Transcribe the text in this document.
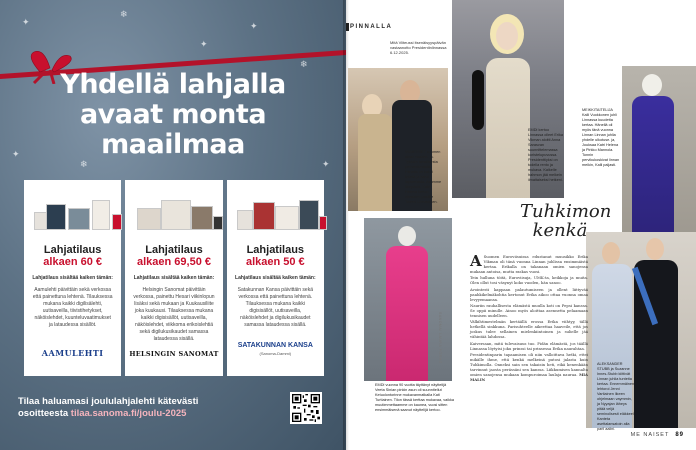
✦
❄
✦
❄
✦
✦
❄
✦
Yhdellä lahjalla
avaat monta
maailmaa
Lahjatilaus
alkaen 60 €
Lahjatilaus sisältää kaiken tämän:
Aamulehti päivittäin sekä verkossa että painettuna lehtenä. Tilauksessa mukana kaikki digilisälehti, uutisaveilla, tiivistihetykset, näköislehdet, kuunteluvaatimukset ja lataudessa sisällöt.
AAMULEHTI
Lahjatilaus
alkaen 69,50 €
Lahjatilaus sisältää kaiken tämän:
Helsingin Sanomat päivittäin verkossa, painettu Hesari viikinlopun lisäksi sekä mukaan ja Kuukausiliite joka kuukausi. Tilauksessa mukana kaikki digisisällöt, uutisaveilla, näköislehdet, viikkoma erikoislehtiä sekä digilukusikaudet samassa lataudessa sisällä.
HELSINGIN SANOMAT
Lahjatilaus
alkaen 50 €
Lahjatilaus sisältää kaiken tämän:
Satakunnan Kansa päivittäin sekä verkossa että painettuna lehtenä. Tilauksessa mukana kaikki digisisällöt, uutisaveilla, näköislehdet ja digilukusikaudet samassa lataudessa sisällä.
SATAKUNNAN KANSA
(Sanoma-Dammi)
Tilaa haluamasi joululahjalehti kätevästi
osoitteesta tilaa.sanoma.fi/joulu-2025
PINNALLA
Mitä Viiteussi itsenäisyyspäivän vastaanotto Presidentinlinnassa 6.12.2025.
VUMESSET suomen aivan vaabke- ja. Tykkäin tavallisesta perheelämästä. Hiineita on kaksi työntä ja kaksi lapsenlasta. Asumme lämpäsiä, Katri Helena kertoo vieraiden paalille Tommi Liimataisen.
EMDI kertoo Linnassa olleet Erika Vikman aloitti Anna Sarasvan suunnittelemassa koristelupuvussa. Presidenttiyksi on todella rento ja mukava. Kaikelle hahmon jää melkein ilmaitaiseksi hetkeni.
MEIKKITAITELIJA Kalli Vuokkonen juhli Linnassa kuudetta kertaa. Hänellä oli myös tänä vuonna Linnan Linnan juhlia yhdelle ulkotuse. ja, Jouksaa Katri Helena ja Pirkko Mannola. Tonnin pervikukoskivat linnan meikin, Kalli paljasti.
EMDI vuonna 90 vuotta täyttänyt näyttelijä Veeta Sinian pinkin asun oli suunnitellut Ketuolontorinne mukavanmatkalla Kati Turtiainen. Tilon tässä kerttaa mukavaa, vaikka muutimmettaamme on kaunea, vuosi sitten ensimmäisenä saanut näyttelijä kertoo.
ALEKSANDER STUBB ja Suzanne Innes-Stubb kiittivät Linnan juhlia tunteita kertaa. Ennemmäinen lehtoroi Jenni Vartiainen likeen ohjelmaan vaymmin, ja Nyyajan läheys pitää veljä seminolisesti eläkkeel. Kanteta asettalansatoin alla paril aalini.
SANOMA/ LAURA PÖRHÖ
Tuhkimon
kenkä

A Suomen Euroviisuissa edustanut muusikko Erika Vikman oli tänä vuonna Linnan juhlissa ensimmäistä kertaa. Erikalla on takanaan omien sanojensa mukaan antoisa, mutta raskas vuosi.

Tein hulluna töitä, Euroviisuja, UMK:ta, keikkoja ja muita. Olen ollut tosi väsynyt koko vuoden, hän sanoo.

Avointesti kappaan palautumiseen ja ollent liittyvää paahkikelmäkohtia kertonut Erika aikoo ottaa vuonna omaa levyyemaansa.

Nauriin rauhallisesta elämästä muulla koti on Pepsi kanssa. Se oppii minulle. Ainoo myös aloittaa asennetta pelaamaan tennisen uudelleen.

Välkihtimestelmän kertäällä erossa Erika viihtyy, tällä hetkellä sinkkuna. Parisuhteelle aikeettaa haaveile, että jos joskus tulee sellainen mielenkiintoinen ja sulielle jää vähintää lahdossa.

Kaiversaan, mitä tulevaisuus tuo. Pidän elämästä, jos täällä Linnassa löytyisi joku prinssi tai prinsessa Erika naurahtaa.

Presidentinparin tapaamisen oli niin valloittava hetki, ettei mikälle ihme, että kenkä melkeinä putosi jalasta kuin Tuhkimolla. Onneksi sain sen takaisin heti, eikä kenenkään tarvinnut jaosta perässäni sen kanssa. Liikkumisen kannalta omien sanojensa mukaan kompuroimaa laulaja nauraa. MIA MALIN

ME NAISET 89
